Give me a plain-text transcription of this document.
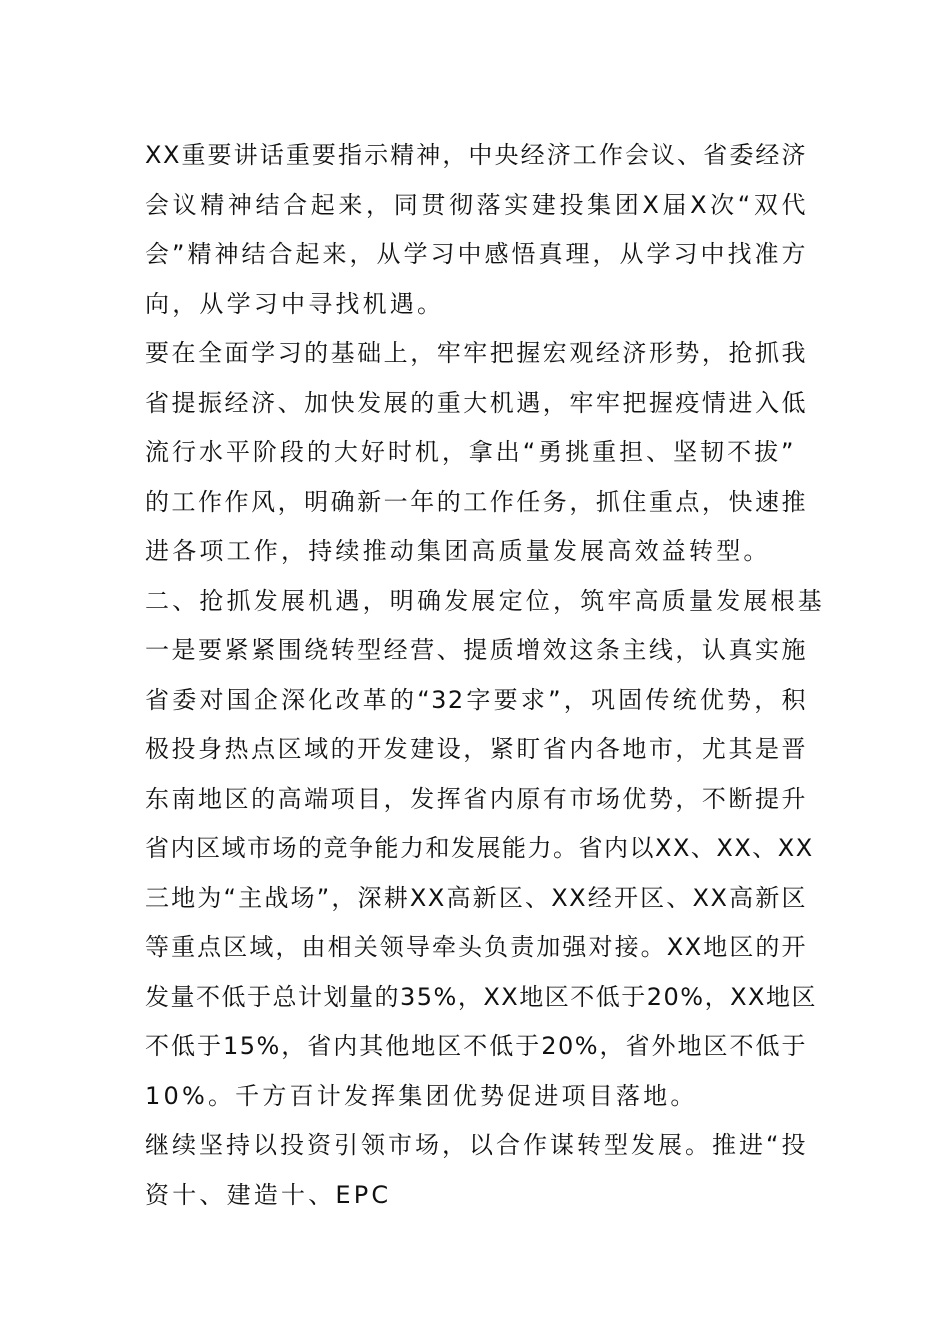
XX重要讲话重要指示精神，中央经济工作会议、省委经济
会议精神结合起来，同贯彻落实建投集团X届X次“双代
会”精神结合起来，从学习中感悟真理，从学习中找准方
向，从学习中寻找机遇。
要在全面学习的基础上，牢牢把握宏观经济形势，抢抓我
省提振经济、加快发展的重大机遇，牢牢把握疫情进入低
流行水平阶段的大好时机，拿出“勇挑重担、坚韧不拔”
的工作作风，明确新一年的工作任务，抓住重点，快速推
进各项工作，持续推动集团高质量发展高效益转型。
二、抢抓发展机遇，明确发展定位，筑牢高质量发展根基
一是要紧紧围绕转型经营、提质增效这条主线，认真实施
省委对国企深化改革的“32字要求”，巩固传统优势，积
极投身热点区域的开发建设，紧盯省内各地市，尤其是晋
东南地区的高端项目，发挥省内原有市场优势，不断提升
省内区域市场的竞争能力和发展能力。省内以XX、XX、XX
三地为“主战场”，深耕XX高新区、XX经开区、XX高新区
等重点区域，由相关领导牵头负责加强对接。XX地区的开
发量不低于总计划量的35%，XX地区不低于20%，XX地区
不低于15%，省内其他地区不低于20%，省外地区不低于
10%。千方百计发挥集团优势促进项目落地。
继续坚持以投资引领市场，以合作谋转型发展。推进“投
资十、建造十、EPC
